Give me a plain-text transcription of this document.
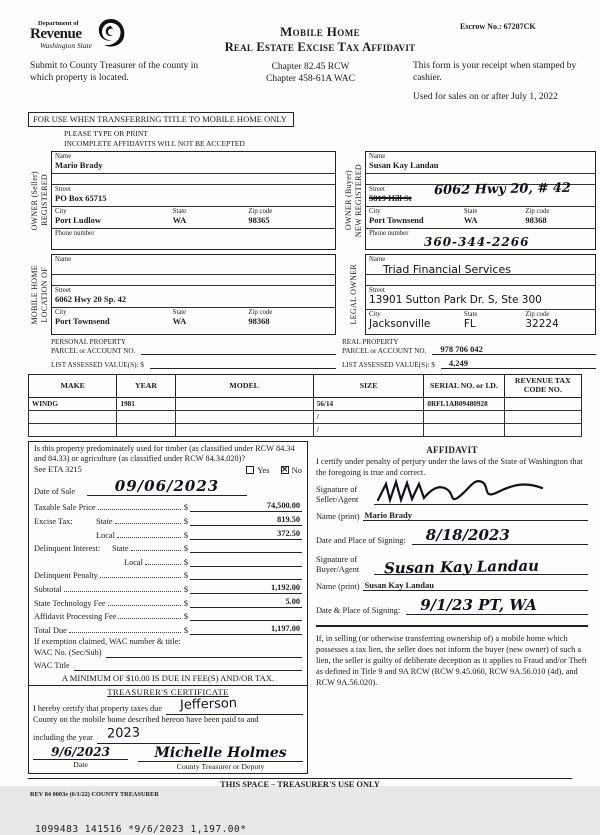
Department of
Revenue
Washington State
Mobile Home
Real Estate Excise Tax Affidavit
Escrow No.: 67207CK
Submit to County Treasurer of the county in which property is located.
Chapter 82.45 RCW
Chapter 458-61A WAC
This form is your receipt when stamped by cashier.
Used for sales on or after July 1, 2022
FOR USE WHEN TRANSFERRING TITLE TO MOBILE HOME ONLY
PLEASE TYPE OR PRINT
INCOMPLETE AFFIDAVITS WILL NOT BE ACCEPTED
OWNER (Seller) REGISTERED
Name
Mario Brady
Street
PO Box 65715
City
Port Ludlow
State
WA
Zip code
98365
Phone number
OWNER (Buyer) NEW REGISTERED
Name
Susan Kay Landau
Street
5819 Hill St
6062 Hwy 20, # 42
City
Port Townsend
State
WA
Zip code
98368
Phone number
360-344-2266
MOBILE HOME LOCATION OF
Name
Street
6062 Hwy 20 Sp. 42
City
Port Townsend
State
WA
Zip code
98368	LEGAL OWNER
Name
Triad Financial Services
Street
13901 Sutton Park Dr. S, Ste 300
City
Jacksonville
State
FL
Zip code
32224
PERSONAL PROPERTY
PARCEL or ACCOUNT NO.
LIST ASSESSED VALUE(S): $
REAL PROPERTY
PARCEL or ACCOUNT NO.	978 706 042
LIST ASSESSED VALUE(S): $	4,249
MAKE	YEAR	MODEL	SIZE	SERIAL NO. or I.D.	REVENUE TAX CODE NO.
WINDG	1981		56/14	0RFL1AB09480928	
			/		
			/		
Is this property predominately used for timber (as classified under RCW 84.34 and 84.33) or agriculture (as classified under RCW 84.34.020)?
See ETA 3215	Yes ✕ No
Date of Sale	09/06/2023
Taxable Sale Price	$	74,500.00
Excise Tax:	State	$	819.50
Local	$	372.50
Delinquent Interest:	State	$
Local	$
Delinquent Penalty	$
Subtotal	$	1,192.00
State Technology Fee	$	5.00
Affidavit Processing Fee	$
Total Due	$	1,197.00
If exemption claimed, WAC number & title:
WAC No. (Sec/Sub)
WAC Title
A MINIMUM OF $10.00 IS DUE IN FEE(S) AND/OR TAX.
TREASURER'S CERTIFICATE
I hereby certify that property taxes due	Jefferson
County on the mobile home described hereon have been paid to and
including the year	2023
9/6/2023
Date
Michelle Holmes
County Treasurer or Deputy
AFFIDAVIT
I certify under penalty of perjury under the laws of the State of Washington that the foregoing is true and correct.
Signature of
Seller/Agent
Name (print) Mario Brady
Date and Place of Signing:	8/18/2023
Signature of
Buyer/Agent	Susan Kay Landau
Name (print) Susan Kay Landau
Date & Place of Signing:	9/1/23 PT, WA
If, in selling (or otherwise transferring ownership of) a mobile home which possesses a tax lien, the seller does not inform the buyer (new owner) of such a lien, the seller is guilty of deliberate deception as it applies to Fraud and/or Theft as defined in Title 9 and 9A RCW (RCW 9.45.060, RCW 9A.56.010 (4d), and RCW 9A.56.020).
THIS SPACE – TREASURER'S USE ONLY
REV 84 0003e (6/1/22) COUNTY TREASURER
1099483 141516 *9/6/2023 1,197.00*
